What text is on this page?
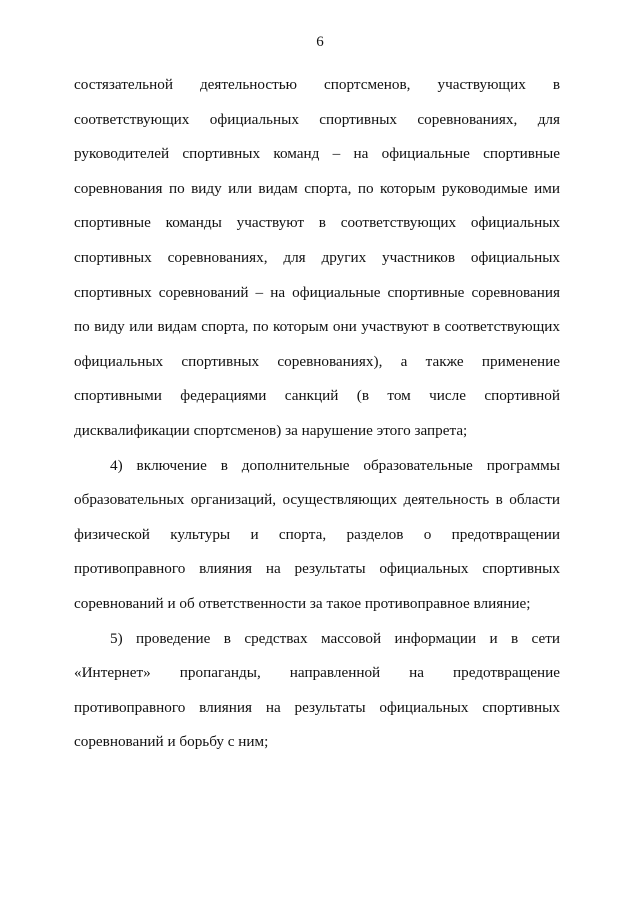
6

состязательной деятельностью спортсменов, участвующих в
соответствующих официальных спортивных соревнованиях, для
руководителей спортивных команд – на официальные спортивные
соревнования по виду или видам спорта, по которым руководимые ими
спортивные команды участвуют в соответствующих официальных
спортивных соревнованиях, для других участников официальных
спортивных соревнований – на официальные спортивные соревнования
по виду или видам спорта, по которым они участвуют в соответствующих
официальных спортивных соревнованиях), а также применение
спортивными федерациями санкций (в том числе спортивной
дисквалификации спортсменов) за нарушение этого запрета;

4) включение в дополнительные образовательные программы
образовательных организаций, осуществляющих деятельность в области
физической культуры и спорта, разделов о предотвращении
противоправного влияния на результаты официальных спортивных
соревнований и об ответственности за такое противоправное влияние;

5) проведение в средствах массовой информации и в сети
«Интернет» пропаганды, направленной на предотвращение
противоправного влияния на результаты официальных спортивных
соревнований и борьбу с ним;
